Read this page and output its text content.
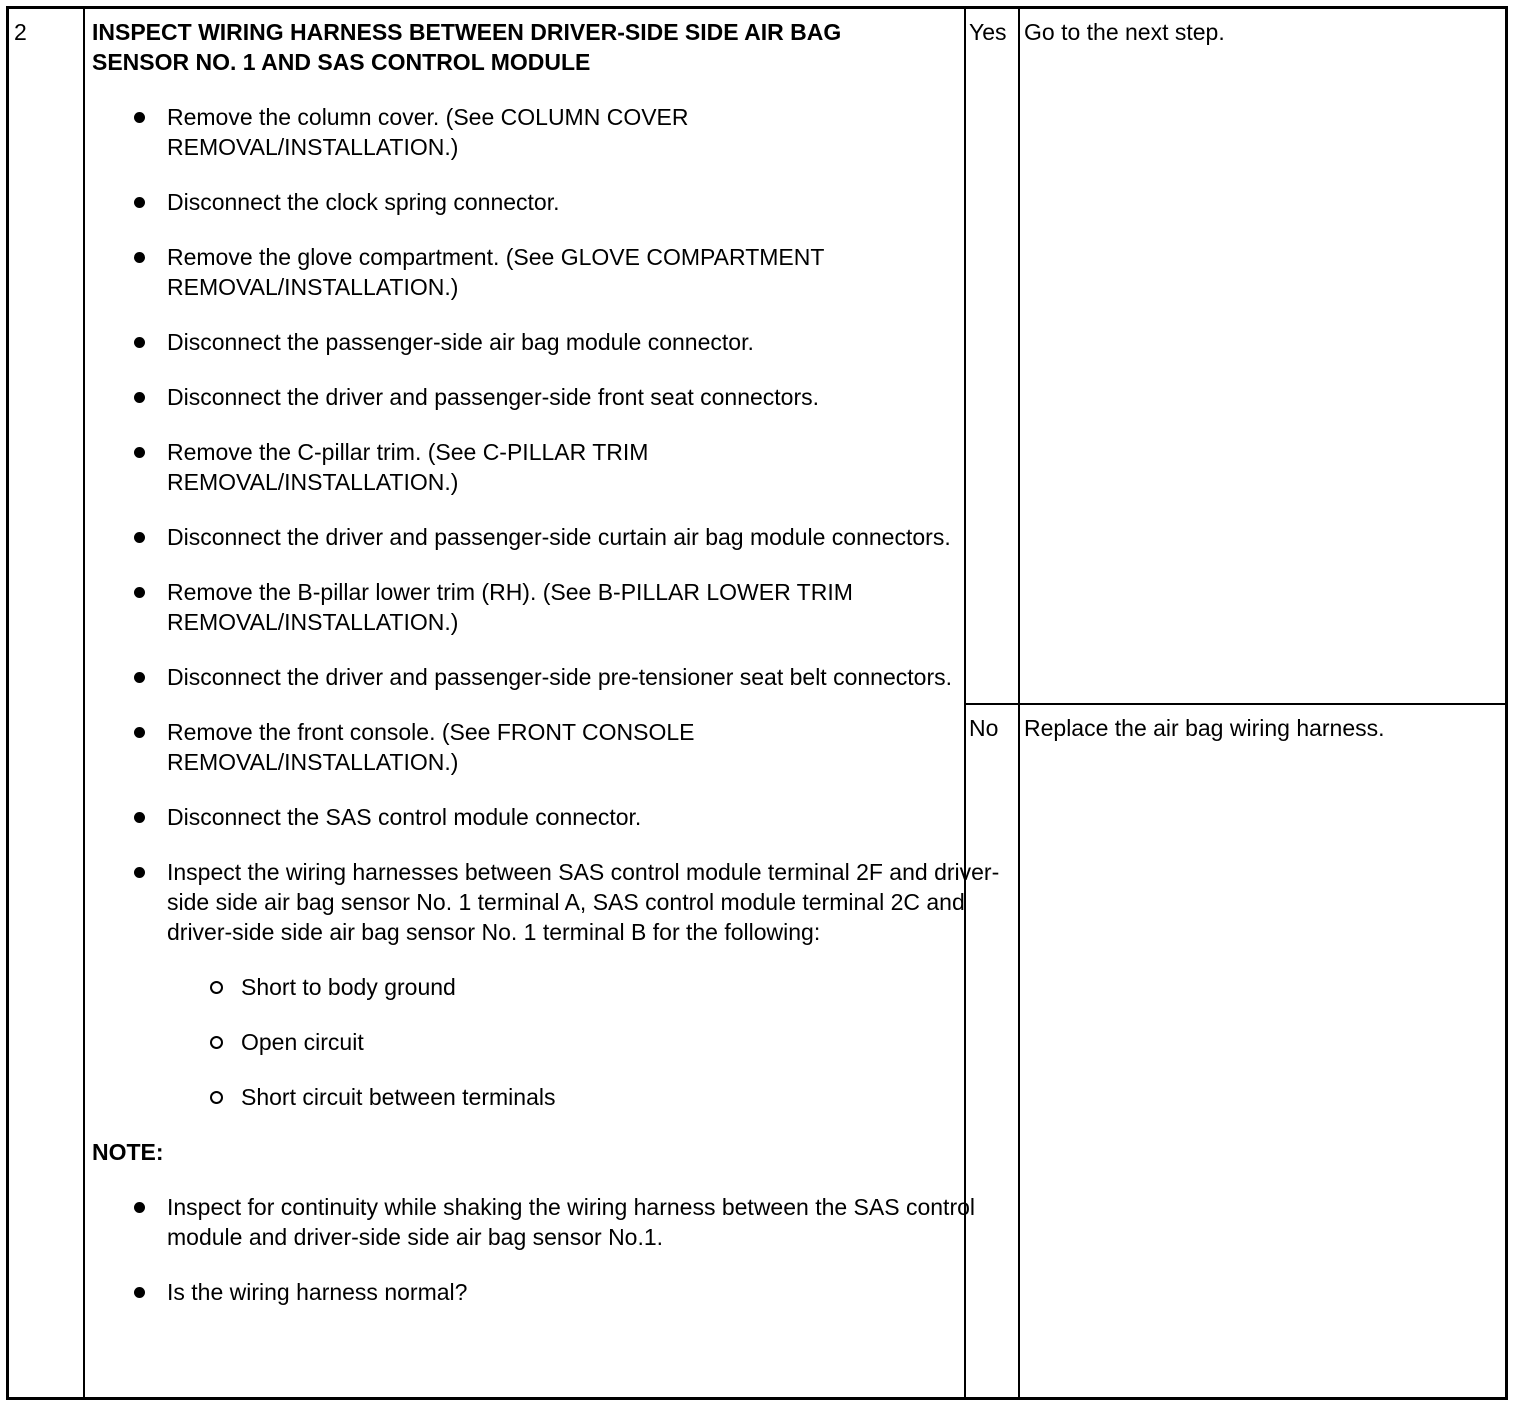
2	INSPECT WIRING HARNESS BETWEEN DRIVER-SIDE SIDE AIR BAG
SENSOR NO. 1 AND SAS CONTROL MODULE

Remove the column cover. (See COLUMN COVER REMOVAL/INSTALLATION.)
Disconnect the clock spring connector.
Remove the glove compartment. (See GLOVE COMPARTMENT REMOVAL/INSTALLATION.)
Disconnect the passenger-side air bag module connector.
Disconnect the driver and passenger-side front seat connectors.
Remove the C-pillar trim. (See C-PILLAR TRIM REMOVAL/INSTALLATION.)
Disconnect the driver and passenger-side curtain air bag module connectors.
Remove the B-pillar lower trim (RH). (See B-PILLAR LOWER TRIM REMOVAL/INSTALLATION.)
Disconnect the driver and passenger-side pre-tensioner seat belt connectors.
Remove the front console. (See FRONT CONSOLE REMOVAL/INSTALLATION.)
Disconnect the SAS control module connector.
Inspect the wiring harnesses between SAS control module terminal 2F and driver-side side air bag sensor No. 1 terminal A, SAS control module terminal 2C and driver-side side air bag sensor No. 1 terminal B for the following:
Short to body ground
Open circuit
Short circuit between terminals
NOTE:
Inspect for continuity while shaking the wiring harness between the SAS control module and driver-side side air bag sensor No.1.
Is the wiring harness normal?
Yes Go to the next step.
No Replace the air bag wiring harness.
